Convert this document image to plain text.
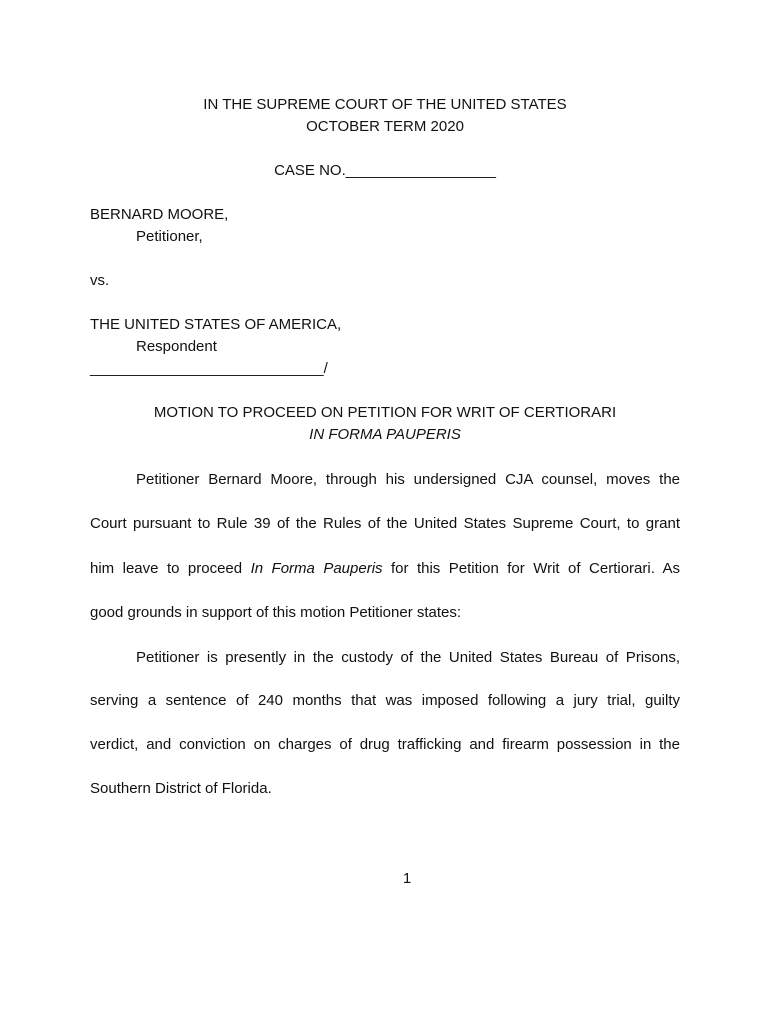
IN THE SUPREME COURT OF THE UNITED STATES
OCTOBER TERM 2020
CASE NO.__________________
BERNARD MOORE,
Petitioner,
vs.
THE UNITED STATES OF AMERICA,
Respondent
____________________________/
MOTION TO PROCEED ON PETITION FOR WRIT OF CERTIORARI
IN FORMA PAUPERIS
Petitioner Bernard Moore, through his undersigned CJA counsel, moves the
Court pursuant to Rule 39 of the Rules of the United States Supreme Court, to grant
him leave to proceed In Forma Pauperis for this Petition for Writ of Certiorari. As
good grounds in support of this motion Petitioner states:
Petitioner is presently in the custody of the United States Bureau of Prisons,
serving a sentence of 240 months that was imposed following a jury trial, guilty
verdict, and conviction on charges of drug trafficking and firearm possession in the
Southern District of Florida.
1
